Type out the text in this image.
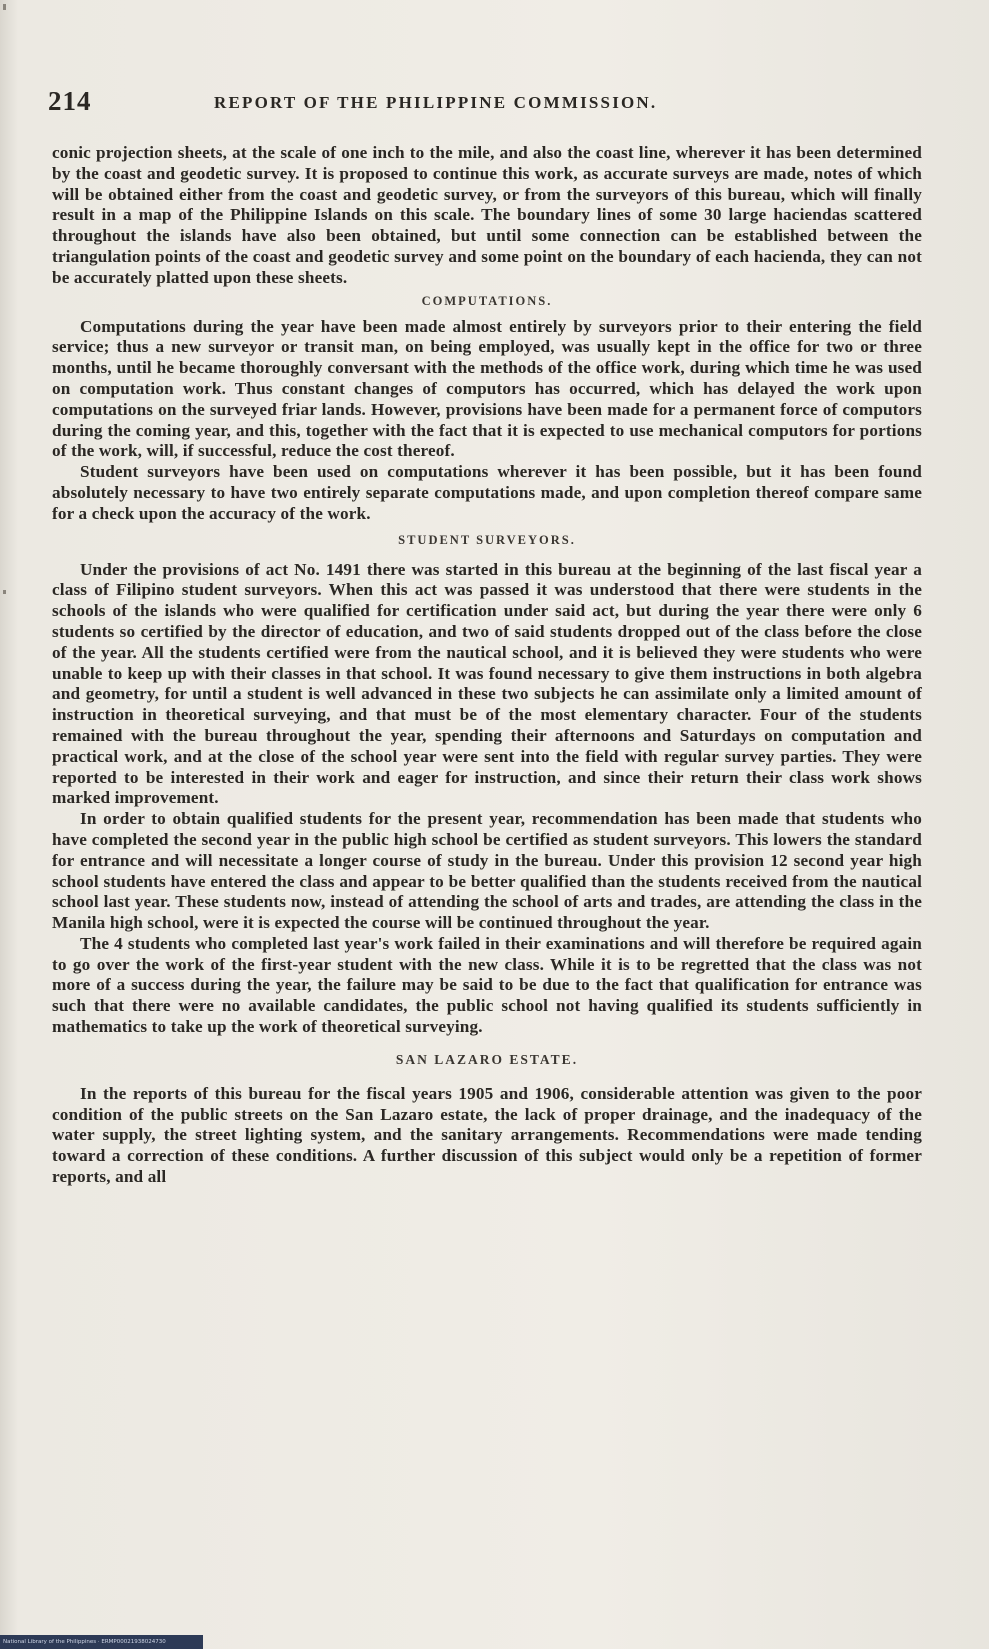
214	REPORT OF THE PHILIPPINE COMMISSION.

conic projection sheets, at the scale of one inch to the mile, and also the coast line, wherever it has been determined by the coast and geodetic survey. It is proposed to continue this work, as accurate surveys are made, notes of which will be obtained either from the coast and geodetic survey, or from the surveyors of this bureau, which will finally result in a map of the Philippine Islands on this scale. The boundary lines of some 30 large haciendas scattered throughout the islands have also been obtained, but until some connection can be established between the triangulation points of the coast and geodetic survey and some point on the boundary of each hacienda, they can not be accurately platted upon these sheets.

COMPUTATIONS.

Computations during the year have been made almost entirely by surveyors prior to their entering the field service; thus a new surveyor or transit man, on being employed, was usually kept in the office for two or three months, until he became thoroughly conversant with the methods of the office work, during which time he was used on computation work. Thus constant changes of computors has occurred, which has delayed the work upon computations on the surveyed friar lands. However, provisions have been made for a permanent force of computors during the coming year, and this, together with the fact that it is expected to use mechanical computors for portions of the work, will, if successful, reduce the cost thereof.

Student surveyors have been used on computations wherever it has been possible, but it has been found absolutely necessary to have two entirely separate computations made, and upon completion thereof compare same for a check upon the accuracy of the work.

STUDENT SURVEYORS.

Under the provisions of act No. 1491 there was started in this bureau at the beginning of the last fiscal year a class of Filipino student surveyors. When this act was passed it was understood that there were students in the schools of the islands who were qualified for certification under said act, but during the year there were only 6 students so certified by the director of education, and two of said students dropped out of the class before the close of the year. All the students certified were from the nautical school, and it is believed they were students who were unable to keep up with their classes in that school. It was found necessary to give them instructions in both algebra and geometry, for until a student is well advanced in these two subjects he can assimilate only a limited amount of instruction in theoretical surveying, and that must be of the most elementary character. Four of the students remained with the bureau throughout the year, spending their afternoons and Saturdays on computation and practical work, and at the close of the school year were sent into the field with regular survey parties. They were reported to be interested in their work and eager for instruction, and since their return their class work shows marked improvement.

In order to obtain qualified students for the present year, recommendation has been made that students who have completed the second year in the public high school be certified as student surveyors. This lowers the standard for entrance and will necessitate a longer course of study in the bureau. Under this provision 12 second year high school students have entered the class and appear to be better qualified than the students received from the nautical school last year. These students now, instead of attending the school of arts and trades, are attending the class in the Manila high school, were it is expected the course will be continued throughout the year.

The 4 students who completed last year's work failed in their examinations and will therefore be required again to go over the work of the first-year student with the new class. While it is to be regretted that the class was not more of a success during the year, the failure may be said to be due to the fact that qualification for entrance was such that there were no available candidates, the public school not having qualified its students sufficiently in mathematics to take up the work of theoretical surveying.

SAN LAZARO ESTATE.

In the reports of this bureau for the fiscal years 1905 and 1906, considerable attention was given to the poor condition of the public streets on the San Lazaro estate, the lack of proper drainage, and the inadequacy of the water supply, the street lighting system, and the sanitary arrangements. Recommendations were made tending toward a correction of these conditions. A further discussion of this subject would only be a repetition of former reports, and all

National Library of the Philippines · ERMP00021938024730
